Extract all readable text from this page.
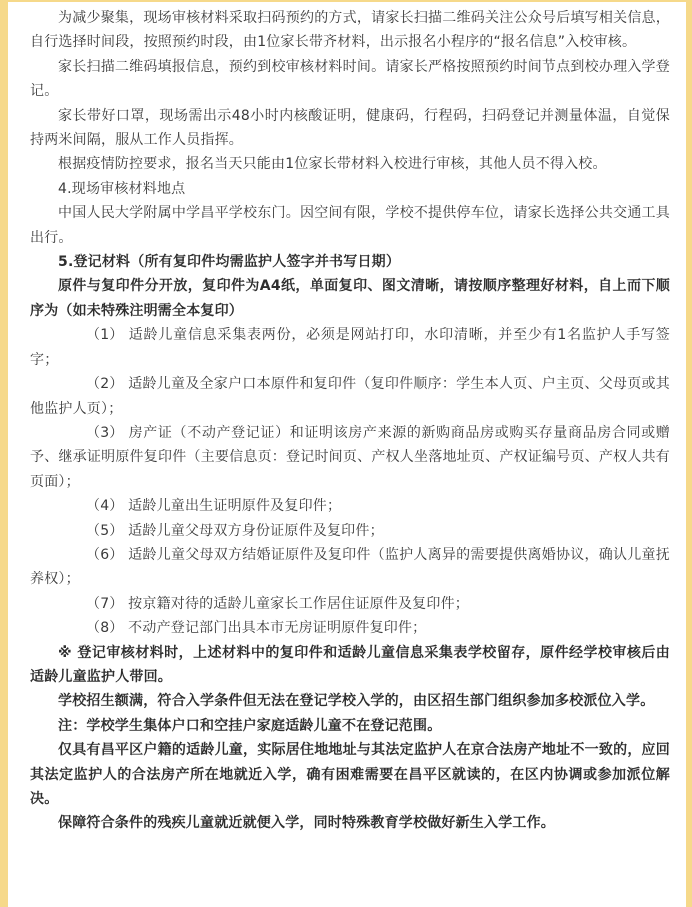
为减少聚集，现场审核材料采取扫码预约的方式，请家长扫描二维码关注公众号后填写相关信息，自行选择时间段，按照预约时段，由1位家长带齐材料，出示报名小程序的“报名信息”入校审核。

家长扫描二维码填报信息，预约到校审核材料时间。请家长严格按照预约时间节点到校办理入学登记。

家长带好口罩，现场需出示48小时内核酸证明，健康码，行程码，扫码登记并测量体温，自觉保持两米间隔，服从工作人员指挥。

根据疫情防控要求，报名当天只能由1位家长带材料入校进行审核，其他人员不得入校。

4.现场审核材料地点

中国人民大学附属中学昌平学校东门。因空间有限，学校不提供停车位，请家长选择公共交通工具出行。

5.登记材料（所有复印件均需监护人签字并书写日期）

原件与复印件分开放，复印件为A4纸，单面复印、图文清晰，请按顺序整理好材料，自上而下顺序为（如未特殊注明需全本复印）

（1） 适龄儿童信息采集表两份，必须是网站打印，水印清晰，并至少有1名监护人手写签字；

（2） 适龄儿童及全家户口本原件和复印件（复印件顺序：学生本人页、户主页、父母页或其他监护人页）；

（3） 房产证（不动产登记证）和证明该房产来源的新购商品房或购买存量商品房合同或赠予、继承证明原件复印件（主要信息页：登记时间页、产权人坐落地址页、产权证编号页、产权人共有页面）；

（4） 适龄儿童出生证明原件及复印件；

（5） 适龄儿童父母双方身份证原件及复印件；

（6） 适龄儿童父母双方结婚证原件及复印件（监护人离异的需要提供离婚协议，确认儿童抚养权）；

（7） 按京籍对待的适龄儿童家长工作居住证原件及复印件；

（8） 不动产登记部门出具本市无房证明原件复印件；

※ 登记审核材料时，上述材料中的复印件和适龄儿童信息采集表学校留存，原件经学校审核后由适龄儿童监护人带回。

学校招生额满，符合入学条件但无法在登记学校入学的，由区招生部门组织参加多校派位入学。

注：学校学生集体户口和空挂户家庭适龄儿童不在登记范围。

仅具有昌平区户籍的适龄儿童，实际居住地地址与其法定监护人在京合法房产地址不一致的，应回其法定监护人的合法房产所在地就近入学，确有困难需要在昌平区就读的，在区内协调或参加派位解决。

保障符合条件的残疾儿童就近就便入学，同时特殊教育学校做好新生入学工作。
